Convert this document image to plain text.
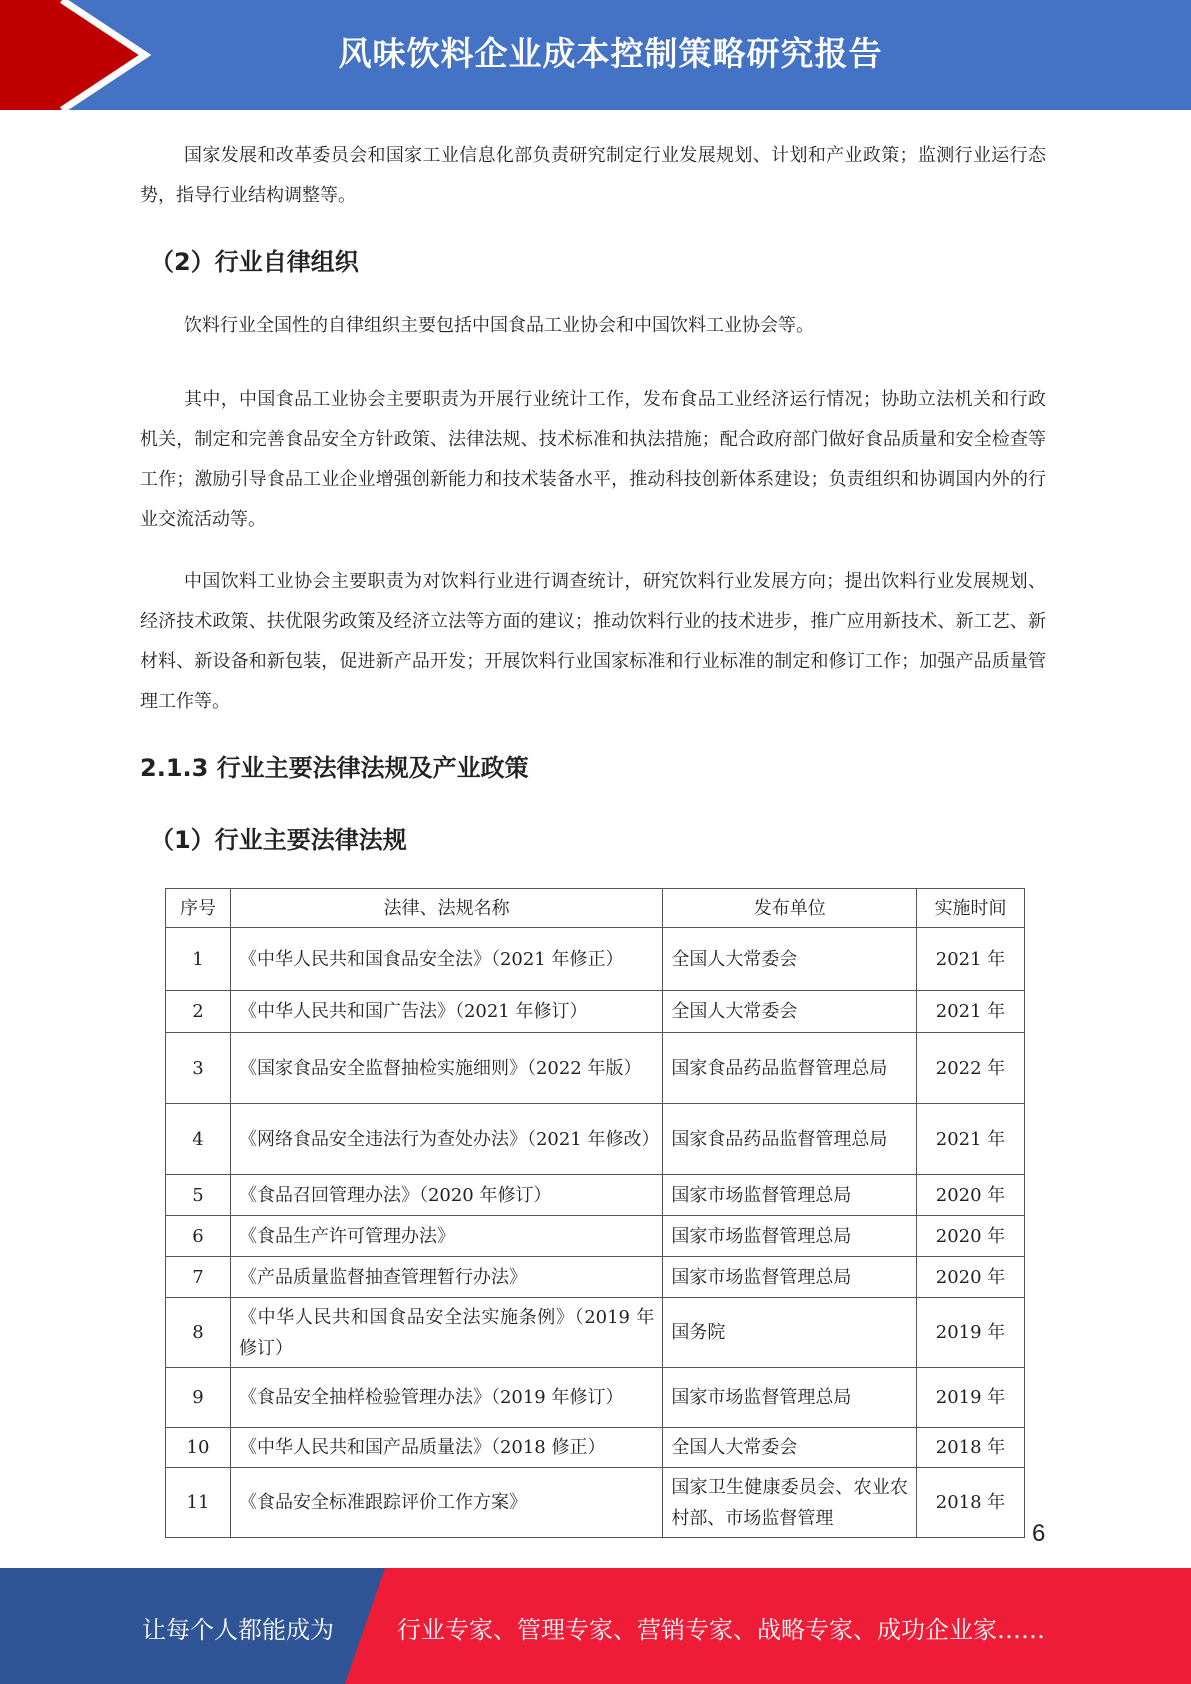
风味饮料企业成本控制策略研究报告

国家发展和改革委员会和国家工业信息化部负责研究制定行业发展规划、计划和产业政策；监测行业运行态势，指导行业结构调整等。

（2）行业自律组织

饮料行业全国性的自律组织主要包括中国食品工业协会和中国饮料工业协会等。

其中，中国食品工业协会主要职责为开展行业统计工作，发布食品工业经济运行情况；协助立法机关和行政机关，制定和完善食品安全方针政策、法律法规、技术标准和执法措施；配合政府部门做好食品质量和安全检查等工作；激励引导食品工业企业增强创新能力和技术装备水平，推动科技创新体系建设；负责组织和协调国内外的行业交流活动等。

中国饮料工业协会主要职责为对饮料行业进行调查统计，研究饮料行业发展方向；提出饮料行业发展规划、经济技术政策、扶优限劣政策及经济立法等方面的建议；推动饮料行业的技术进步，推广应用新技术、新工艺、新材料、新设备和新包装，促进新产品开发；开展饮料行业国家标准和行业标准的制定和修订工作；加强产品质量管理工作等。

2.1.3 行业主要法律法规及产业政策
（1）行业主要法律法规
序号	法律、法规名称	发布单位	实施时间
1	《中华人民共和国食品安全法》（2021 年修正）	全国人大常委会	2021 年
2	《中华人民共和国广告法》（2021 年修订）	全国人大常委会	2021 年
3	《国家食品安全监督抽检实施细则》（2022 年版）	国家食品药品监督管理总局	2022 年
4	《网络食品安全违法行为查处办法》（2021 年修改）	国家食品药品监督管理总局	2021 年
5	《食品召回管理办法》（2020 年修订）	国家市场监督管理总局	2020 年
6	《食品生产许可管理办法》	国家市场监督管理总局	2020 年
7	《产品质量监督抽查管理暂行办法》	国家市场监督管理总局	2020 年
8	《中华人民共和国食品安全法实施条例》（2019 年修订）	国务院	2019 年
9	《食品安全抽样检验管理办法》（2019 年修订）	国家市场监督管理总局	2019 年
10	《中华人民共和国产品质量法》（2018 修正）	全国人大常委会	2018 年
11	《食品安全标准跟踪评价工作方案》	国家卫生健康委员会、农业农村部、市场监督管理	2018 年
6
让每个人都能成为	行业专家、管理专家、营销专家、战略专家、成功企业家……
